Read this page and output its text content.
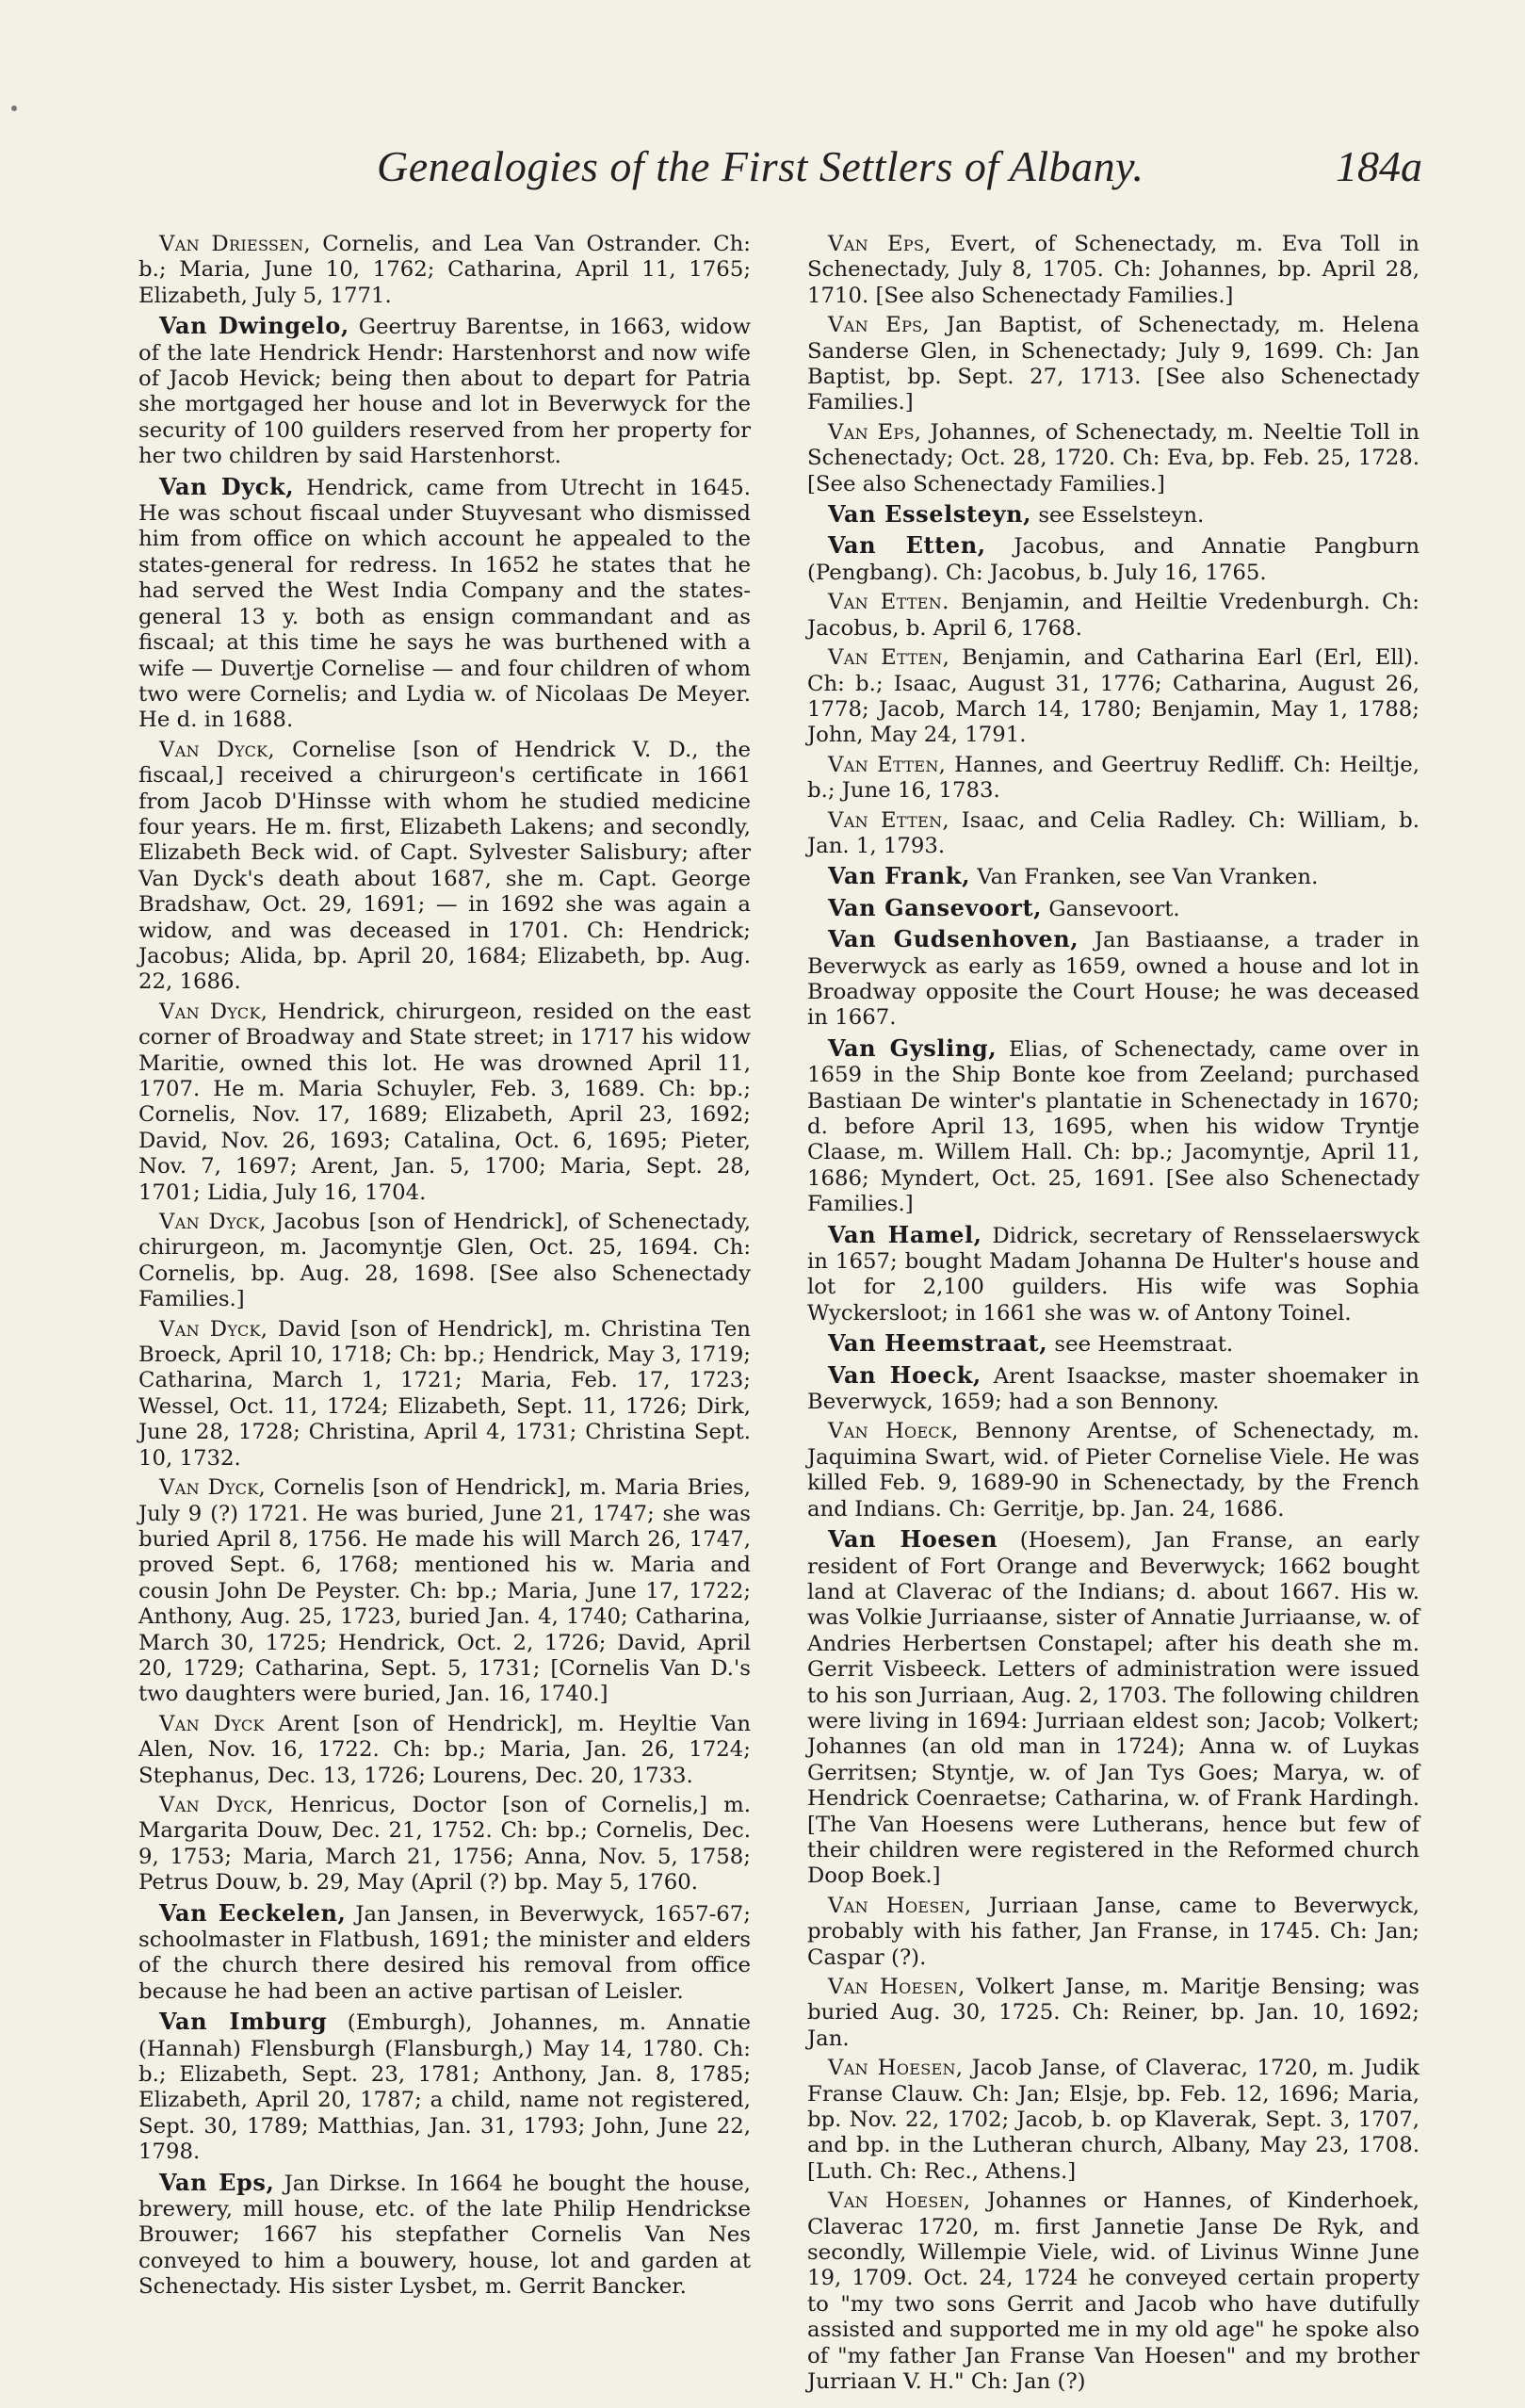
Genealogies of the First Settlers of Albany.	184a

Van Driessen, Cornelis, and Lea Van Ostrander. Ch: b.; Maria, June 10, 1762; Catharina, April 11, 1765; Elizabeth, July 5, 1771.

Van Dwingelo, Geertruy Barentse, in 1663, widow of the late Hendrick Hendr: Harstenhorst and now wife of Jacob Hevick; being then about to depart for Patria she mortgaged her house and lot in Beverwyck for the security of 100 guilders reserved from her property for her two children by said Harstenhorst.

Van Dyck, Hendrick, came from Utrecht in 1645. He was schout fiscaal under Stuyvesant who dismissed him from office on which account he appealed to the states-general for redress. In 1652 he states that he had served the West India Company and the states-general 13 y. both as ensign commandant and as fiscaal; at this time he says he was burthened with a wife — Duvertje Cornelise — and four children of whom two were Cornelis; and Lydia w. of Nicolaas De Meyer. He d. in 1688.

Van Dyck, Cornelise [son of Hendrick V. D., the fiscaal,] received a chirurgeon's certificate in 1661 from Jacob D'Hinsse with whom he studied medicine four years. He m. first, Elizabeth Lakens; and secondly, Elizabeth Beck wid. of Capt. Sylvester Salisbury; after Van Dyck's death about 1687, she m. Capt. George Bradshaw, Oct. 29, 1691; — in 1692 she was again a widow, and was deceased in 1701. Ch: Hendrick; Jacobus; Alida, bp. April 20, 1684; Elizabeth, bp. Aug. 22, 1686.

Van Dyck, Hendrick, chirurgeon, resided on the east corner of Broadway and State street; in 1717 his widow Maritie, owned this lot. He was drowned April 11, 1707. He m. Maria Schuyler, Feb. 3, 1689. Ch: bp.; Cornelis, Nov. 17, 1689; Elizabeth, April 23, 1692; David, Nov. 26, 1693; Catalina, Oct. 6, 1695; Pieter, Nov. 7, 1697; Arent, Jan. 5, 1700; Maria, Sept. 28, 1701; Lidia, July 16, 1704.

Van Dyck, Jacobus [son of Hendrick], of Schenectady, chirurgeon, m. Jacomyntje Glen, Oct. 25, 1694. Ch: Cornelis, bp. Aug. 28, 1698. [See also Schenectady Families.]

Van Dyck, David [son of Hendrick], m. Christina Ten Broeck, April 10, 1718; Ch: bp.; Hendrick, May 3, 1719; Catharina, March 1, 1721; Maria, Feb. 17, 1723; Wessel, Oct. 11, 1724; Elizabeth, Sept. 11, 1726; Dirk, June 28, 1728; Christina, April 4, 1731; Christina Sept. 10, 1732.

Van Dyck, Cornelis [son of Hendrick], m. Maria Bries, July 9 (?) 1721. He was buried, June 21, 1747; she was buried April 8, 1756. He made his will March 26, 1747, proved Sept. 6, 1768; mentioned his w. Maria and cousin John De Peyster. Ch: bp.; Maria, June 17, 1722; Anthony, Aug. 25, 1723, buried Jan. 4, 1740; Catharina, March 30, 1725; Hendrick, Oct. 2, 1726; David, April 20, 1729; Catharina, Sept. 5, 1731; [Cornelis Van D.'s two daughters were buried, Jan. 16, 1740.]

Van Dyck Arent [son of Hendrick], m. Heyltie Van Alen, Nov. 16, 1722. Ch: bp.; Maria, Jan. 26, 1724; Stephanus, Dec. 13, 1726; Lourens, Dec. 20, 1733.

Van Dyck, Henricus, Doctor [son of Cornelis,] m. Margarita Douw, Dec. 21, 1752. Ch: bp.; Cornelis, Dec. 9, 1753; Maria, March 21, 1756; Anna, Nov. 5, 1758; Petrus Douw, b. 29, May (April (?) bp. May 5, 1760.

Van Eeckelen, Jan Jansen, in Beverwyck, 1657-67; schoolmaster in Flatbush, 1691; the minister and elders of the church there desired his removal from office because he had been an active partisan of Leisler.

Van Imburg (Emburgh), Johannes, m. Annatie (Hannah) Flensburgh (Flansburgh,) May 14, 1780. Ch: b.; Elizabeth, Sept. 23, 1781; Anthony, Jan. 8, 1785; Elizabeth, April 20, 1787; a child, name not registered, Sept. 30, 1789; Matthias, Jan. 31, 1793; John, June 22, 1798.

Van Eps, Jan Dirkse. In 1664 he bought the house, brewery, mill house, etc. of the late Philip Hendrickse Brouwer; 1667 his stepfather Cornelis Van Nes conveyed to him a bouwery, house, lot and garden at Schenectady. His sister Lysbet, m. Gerrit Bancker.

Van Eps, Evert, of Schenectady, m. Eva Toll in Schenectady, July 8, 1705. Ch: Johannes, bp. April 28, 1710. [See also Schenectady Families.]

Van Eps, Jan Baptist, of Schenectady, m. Helena Sanderse Glen, in Schenectady; July 9, 1699. Ch: Jan Baptist, bp. Sept. 27, 1713. [See also Schenectady Families.]

Van Eps, Johannes, of Schenectady, m. Neeltie Toll in Schenectady; Oct. 28, 1720. Ch: Eva, bp. Feb. 25, 1728. [See also Schenectady Families.]

Van Esselsteyn, see Esselsteyn.

Van Etten, Jacobus, and Annatie Pangburn (Pengbang). Ch: Jacobus, b. July 16, 1765.

Van Etten. Benjamin, and Heiltie Vredenburgh. Ch: Jacobus, b. April 6, 1768.

Van Etten, Benjamin, and Catharina Earl (Erl, Ell). Ch: b.; Isaac, August 31, 1776; Catharina, August 26, 1778; Jacob, March 14, 1780; Benjamin, May 1, 1788; John, May 24, 1791.

Van Etten, Hannes, and Geertruy Redliff. Ch: Heiltje, b.; June 16, 1783.

Van Etten, Isaac, and Celia Radley. Ch: William, b. Jan. 1, 1793.

Van Frank, Van Franken, see Van Vranken.

Van Gansevoort, Gansevoort.

Van Gudsenhoven, Jan Bastiaanse, a trader in Beverwyck as early as 1659, owned a house and lot in Broadway opposite the Court House; he was deceased in 1667.

Van Gysling, Elias, of Schenectady, came over in 1659 in the Ship Bonte koe from Zeeland; purchased Bastiaan De winter's plantatie in Schenectady in 1670; d. before April 13, 1695, when his widow Tryntje Claase, m. Willem Hall. Ch: bp.; Jacomyntje, April 11, 1686; Myndert, Oct. 25, 1691. [See also Schenectady Families.]

Van Hamel, Didrick, secretary of Rensselaerswyck in 1657; bought Madam Johanna De Hulter's house and lot for 2,100 guilders. His wife was Sophia Wyckersloot; in 1661 she was w. of Antony Toinel.

Van Heemstraat, see Heemstraat.

Van Hoeck, Arent Isaackse, master shoemaker in Beverwyck, 1659; had a son Bennony.

Van Hoeck, Bennony Arentse, of Schenectady, m. Jaquimina Swart, wid. of Pieter Cornelise Viele. He was killed Feb. 9, 1689-90 in Schenectady, by the French and Indians. Ch: Gerritje, bp. Jan. 24, 1686.

Van Hoesen (Hoesem), Jan Franse, an early resident of Fort Orange and Beverwyck; 1662 bought land at Claverac of the Indians; d. about 1667. His w. was Volkie Jurriaanse, sister of Annatie Jurriaanse, w. of Andries Herbertsen Constapel; after his death she m. Gerrit Visbeeck. Letters of administration were issued to his son Jurriaan, Aug. 2, 1703. The following children were living in 1694: Jurriaan eldest son; Jacob; Volkert; Johannes (an old man in 1724); Anna w. of Luykas Gerritsen; Styntje, w. of Jan Tys Goes; Marya, w. of Hendrick Coenraetse; Catharina, w. of Frank Hardingh. [The Van Hoesens were Lutherans, hence but few of their children were registered in the Reformed church Doop Boek.]

Van Hoesen, Jurriaan Janse, came to Beverwyck, probably with his father, Jan Franse, in 1745. Ch: Jan; Caspar (?).

Van Hoesen, Volkert Janse, m. Maritje Bensing; was buried Aug. 30, 1725. Ch: Reiner, bp. Jan. 10, 1692; Jan.

Van Hoesen, Jacob Janse, of Claverac, 1720, m. Judik Franse Clauw. Ch: Jan; Elsje, bp. Feb. 12, 1696; Maria, bp. Nov. 22, 1702; Jacob, b. op Klaverak, Sept. 3, 1707, and bp. in the Lutheran church, Albany, May 23, 1708. [Luth. Ch: Rec., Athens.]

Van Hoesen, Johannes or Hannes, of Kinderhoek, Claverac 1720, m. first Jannetie Janse De Ryk, and secondly, Willempie Viele, wid. of Livinus Winne June 19, 1709. Oct. 24, 1724 he conveyed certain property to "my two sons Gerrit and Jacob who have dutifully assisted and supported me in my old age" he spoke also of "my father Jan Franse Van Hoesen" and my brother Jurriaan V. H." Ch: Jan (?)
